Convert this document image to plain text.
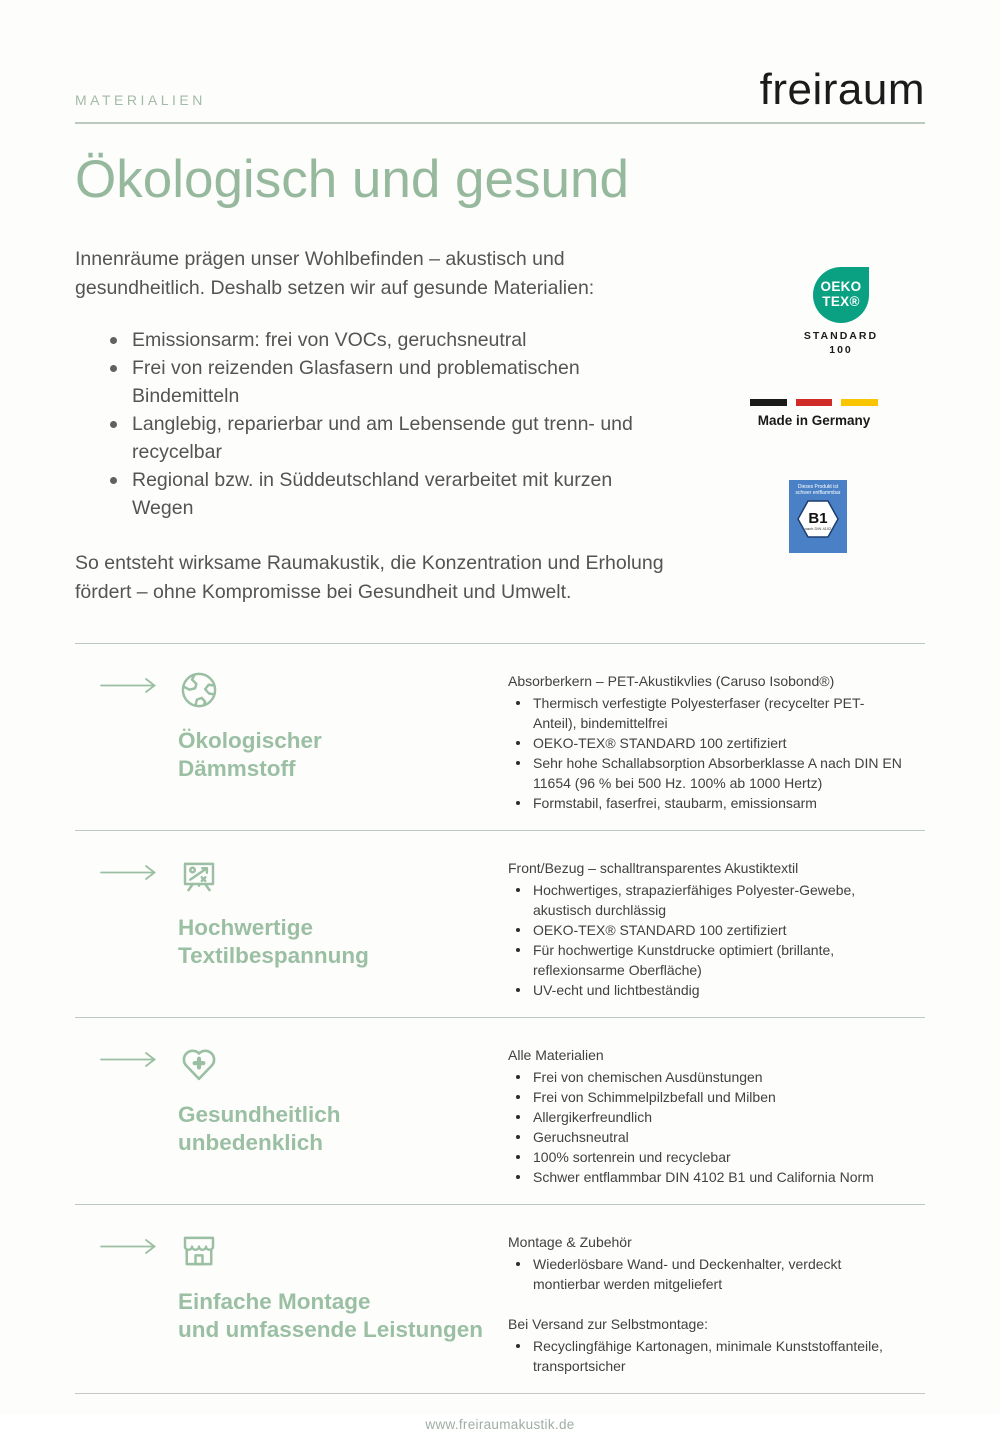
MATERIALIEN	freiraum
Ökologisch und gesund

Innenräume prägen unser Wohlbefinden – akustisch und gesundheitlich. Deshalb setzen wir auf gesunde Materialien:

Emissionsarm: frei von VOCs, geruchsneutral
Frei von reizenden Glasfasern und problematischen Bindemitteln
Langlebig, reparierbar und am Lebensende gut trenn- und recycelbar
Regional bzw. in Süddeutschland verarbeitet mit kurzen Wegen

So entsteht wirksame Raumakustik, die Konzentration und Erholung fördert – ohne Kompromisse bei Gesundheit und Umwelt.

OEKO
TEX®
STANDARD
100
Made in Germany
Dieses Produkt ist
schwer entflammbar
B1
nach DIN 4102
Ökologischer
Dämmstoff

Absorberkern – PET-Akustikvlies (Caruso Isobond®)

Thermisch verfestigte Polyesterfaser (recycelter PET-Anteil), bindemittelfrei
OEKO-TEX® STANDARD 100 zertifiziert
Sehr hohe Schallabsorption Absorberklasse A nach DIN EN 11654 (96 % bei 500 Hz. 100% ab 1000 Hertz)
Formstabil, faserfrei, staubarm, emissionsarm
Hochwertige
Textilbespannung

Front/Bezug – schalltransparentes Akustiktextil

Hochwertiges, strapazierfähiges Polyester-Gewebe, akustisch durchlässig
OEKO-TEX® STANDARD 100 zertifiziert
Für hochwertige Kunstdrucke optimiert (brillante, reflexionsarme Oberfläche)
UV-echt und lichtbeständig
Gesundheitlich
unbedenklich

Alle Materialien

Frei von chemischen Ausdünstungen
Frei von Schimmelpilzbefall und Milben
Allergikerfreundlich
Geruchsneutral
100% sortenrein und recyclebar
Schwer entflammbar DIN 4102 B1 und California Norm
Einfache Montage
und umfassende Leistungen

Montage & Zubehör

Wiederlösbare Wand- und Deckenhalter, verdeckt montierbar werden mitgeliefert

Bei Versand zur Selbstmontage:

Recyclingfähige Kartonagen, minimale Kunststoffanteile, transportsicher
www.freiraumakustik.de
